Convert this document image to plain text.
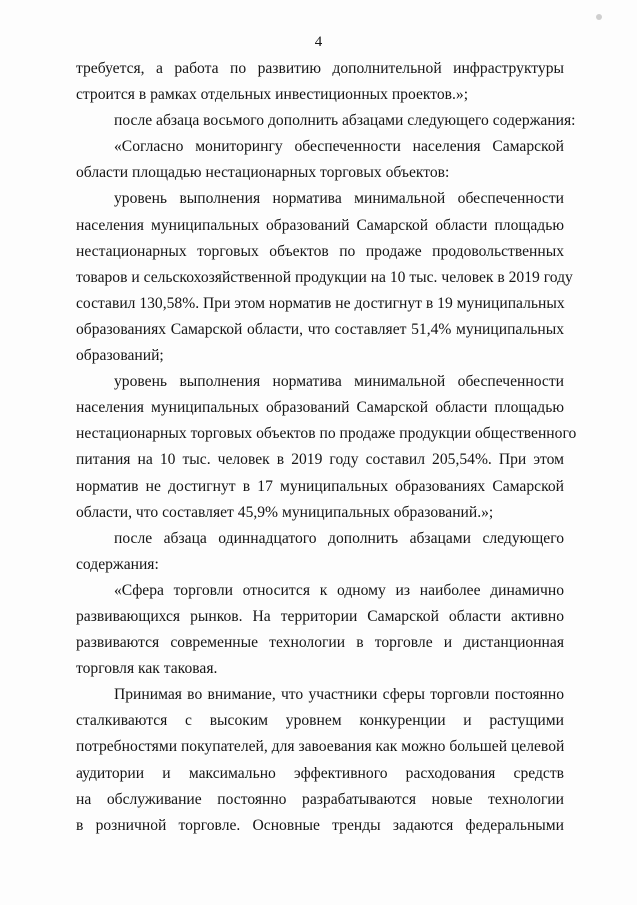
4
требуется, а работа по развитию дополнительной инфраструктуры
строится в рамках отдельных инвестиционных проектов.»;
после абзаца восьмого дополнить абзацами следующего содержания:
«Согласно мониторингу обеспеченности населения Самарской
области площадью нестационарных торговых объектов:
уровень выполнения норматива минимальной обеспеченности
населения муниципальных образований Самарской области площадью
нестационарных торговых объектов по продаже продовольственных
товаров и сельскохозяйственной продукции на 10 тыс. человек в 2019 году
составил 130,58%. При этом норматив не достигнут в 19 муниципальных
образованиях Самарской области, что составляет 51,4% муниципальных
образований;
уровень выполнения норматива минимальной обеспеченности
населения муниципальных образований Самарской области площадью
нестационарных торговых объектов по продаже продукции общественного
питания на 10 тыс. человек в 2019 году составил 205,54%. При этом
норматив не достигнут в 17 муниципальных образованиях Самарской
области, что составляет 45,9% муниципальных образований.»;
после абзаца одиннадцатого дополнить абзацами следующего
содержания:
«Сфера торговли относится к одному из наиболее динамично
развивающихся рынков. На территории Самарской области активно
развиваются современные технологии в торговле и дистанционная
торговля как таковая.
Принимая во внимание, что участники сферы торговли постоянно
сталкиваются с высоким уровнем конкуренции и растущими
потребностями покупателей, для завоевания как можно большей целевой
аудитории и максимально эффективного расходования средств
на обслуживание постоянно разрабатываются новые технологии
в розничной торговле. Основные тренды задаются федеральными
